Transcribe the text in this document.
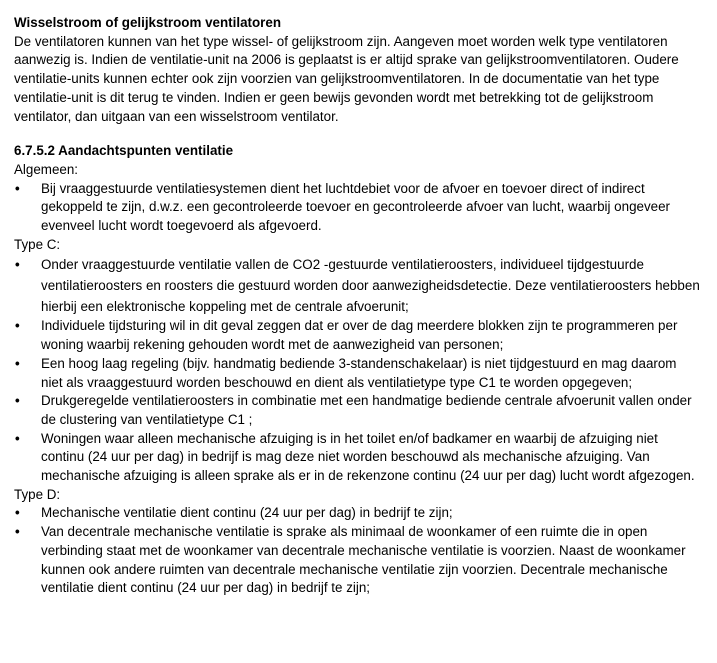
Wisselstroom of gelijkstroom ventilatoren

De ventilatoren kunnen van het type wissel- of gelijkstroom zijn. Aangeven moet worden welk type ventilatoren aanwezig is. Indien de ventilatie-unit na 2006 is geplaatst is er altijd sprake van gelijkstroomventilatoren. Oudere ventilatie-units kunnen echter ook zijn voorzien van gelijkstroomventilatoren. In de documentatie van het type ventilatie-unit is dit terug te vinden. Indien er geen bewijs gevonden wordt met betrekking tot de gelijkstroom ventilator, dan uitgaan van een wisselstroom ventilator.

6.7.5.2 Aandachtspunten ventilatie

Algemeen:

• Bij vraaggestuurde ventilatiesystemen dient het luchtdebiet voor de afvoer en toevoer direct of indirect gekoppeld te zijn, d.w.z. een gecontroleerde toevoer en gecontroleerde afvoer van lucht, waarbij ongeveer evenveel lucht wordt toegevoerd als afgevoerd.

Type C:

• Onder vraaggestuurde ventilatie vallen de CO2 -gestuurde ventilatieroosters, individueel tijdgestuurde ventilatieroosters en roosters die gestuurd worden door aanwezigheidsdetectie. Deze ventilatieroosters hebben hierbij een elektronische koppeling met de centrale afvoerunit;
• Individuele tijdsturing wil in dit geval zeggen dat er over de dag meerdere blokken zijn te programmeren per woning waarbij rekening gehouden wordt met de aanwezigheid van personen;
• Een hoog laag regeling (bijv. handmatig bediende 3-standenschakelaar) is niet tijdgestuurd en mag daarom niet als vraaggestuurd worden beschouwd en dient als ventilatietype type C1 te worden opgegeven;
• Drukgeregelde ventilatieroosters in combinatie met een handmatige bediende centrale afvoerunit vallen onder de clustering van ventilatietype C1 ;
• Woningen waar alleen mechanische afzuiging is in het toilet en/of badkamer en waarbij de afzuiging niet continu (24 uur per dag) in bedrijf is mag deze niet worden beschouwd als mechanische afzuiging. Van mechanische afzuiging is alleen sprake als er in de rekenzone continu (24 uur per dag) lucht wordt afgezogen.

Type D:

• Mechanische ventilatie dient continu (24 uur per dag) in bedrijf te zijn;
• Van decentrale mechanische ventilatie is sprake als minimaal de woonkamer of een ruimte die in open verbinding staat met de woonkamer van decentrale mechanische ventilatie is voorzien. Naast de woonkamer kunnen ook andere ruimten van decentrale mechanische ventilatie zijn voorzien. Decentrale mechanische ventilatie dient continu (24 uur per dag) in bedrijf te zijn;
